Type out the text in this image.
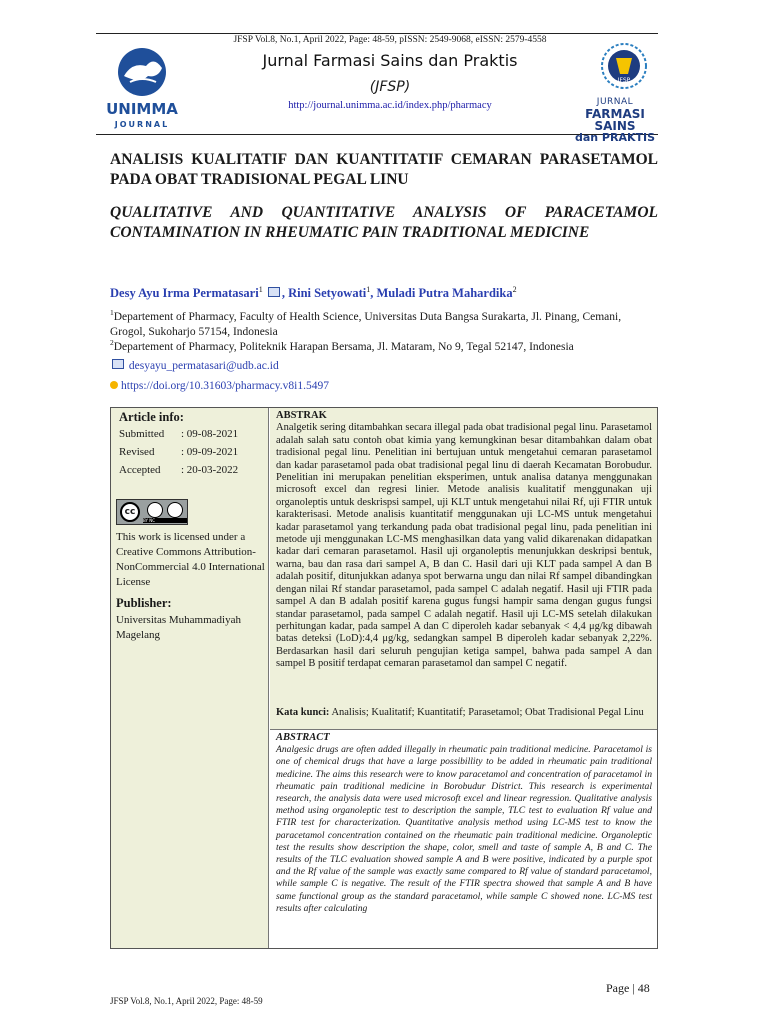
JFSP Vol.8, No.1, April 2022, Page: 48-59, pISSN: 2549-9068, eISSN: 2579-4558
UNIMMA
JOURNAL
Jurnal Farmasi Sains dan Praktis
(JFSP)
http://journal.unimma.ac.id/index.php/pharmacy
JFSP
JURNAL
FARMASI SAINS
dan PRAKTIS
ANALISIS KUALITATIF DAN KUANTITATIF CEMARAN PARASETAMOL PADA OBAT TRADISIONAL PEGAL LINU
QUALITATIVE AND QUANTITATIVE ANALYSIS OF PARACETAMOL CONTAMINATION IN RHEUMATIC PAIN TRADITIONAL MEDICINE
Desy Ayu Irma Permatasari$^1$ , Rini Setyowati$^1$, Muladi Putra Mahardika$^2$
$^1$Departement of Pharmacy, Faculty of Health Science, Universitas Duta Bangsa Surakarta, Jl. Pinang, Cemani, Grogol, Sukoharjo 57154, Indonesia
$^2$Departement of Pharmacy, Politeknik Harapan Bersama, Jl. Mataram, No 9, Tegal 52147, Indonesia
desyayu_permatasari@udb.ac.id
https://doi.org/10.31603/pharmacy.v8i1.5497
Article info:
Submitted	: 09-08-2021
Revised	: 09-09-2021
Accepted	: 20-03-2022
cc
BY NC
This work is licensed under a Creative Commons Attribution-NonCommercial 4.0 International License
Publisher:
Universitas Muhammadiyah Magelang
ABSTRAK
Analgetik sering ditambahkan secara illegal pada obat tradisional pegal linu. Parasetamol adalah salah satu contoh obat kimia yang kemungkinan besar ditambahkan dalam obat tradisional pegal linu. Penelitian ini bertujuan untuk mengetahui cemaran parasetamol dan kadar parasetamol pada obat tradisional pegal linu di daerah Kecamatan Borobudur. Penelitian ini merupakan penelitian eksperimen, untuk analisa datanya menggunakan microsoft excel dan regresi linier. Metode analisis kualitatif menggunakan uji organoleptis untuk deskrispsi sampel, uji KLT untuk mengetahui nilai Rf, uji FTIR untuk karakterisasi. Metode analisis kuantitatif menggunakan uji LC-MS untuk mengetahui kadar parasetamol yang terkandung pada obat tradisional pegal linu, pada penelitian ini metode uji menggunakan LC-MS menghasilkan data yang valid dikarenakan didapatkan kadar dari cemaran parasetamol. Hasil uji organoleptis menunjukkan deskripsi bentuk, warna, bau dan rasa dari sampel A, B dan C. Hasil dari uji KLT pada sampel A dan B adalah positif, ditunjukkan adanya spot berwarna ungu dan nilai Rf sampel dibandingkan dengan nilai Rf standar parasetamol, pada sampel C adalah negatif. Hasil uji FTIR pada sampel A dan B adalah positif karena gugus fungsi hampir sama dengan gugus fungsi standar parasetamol, pada sampel C adalah negatif. Hasil uji LC-MS setelah dilakukan perhitungan kadar, pada sampel A dan C diperoleh kadar sebanyak < 4,4 μg/kg dibawah batas deteksi (LoD):4,4 μg/kg, sedangkan sampel B diperoleh kadar sebanyak 2,22%. Berdasarkan hasil dari seluruh pengujian ketiga sampel, bahwa pada sampel A dan sampel B positif terdapat cemaran parasetamol dan sampel C negatif.
Kata kunci: Analisis; Kualitatif; Kuantitatif; Parasetamol; Obat Tradisional Pegal Linu
ABSTRACT
Analgesic drugs are often added illegally in rheumatic pain traditional medicine. Paracetamol is one of chemical drugs that have a large possibillity to be added in rheumatic pain traditional medicine. The aims this research were to know paracetamol and concentration of paracetamol in rheumatic pain traditional medicine in Borobudur District. This research is experimental research, the analysis data were used microsoft excel and linear regression. Qualitative analysis method using organoleptic test to description the sample, TLC test to evaluation Rf value and FTIR test for characterization. Quantitative analysis method using LC-MS test to know the paracetamol concentration contained on the rheumatic pain traditional medicine. Organoleptic test the results show description the shape, color, smell and taste of sample A, B and C. The results of the TLC evaluation showed sample A and B were positive, indicated by a purple spot and the Rf value of the sample was exactly same compared to Rf value of standard paracetamol, while sample C is negative. The result of the FTIR spectra showed that sample A and B have same functional group as the standard paracetamol, while sample C showed none. LC-MS test results after calculating
Page | 48
JFSP Vol.8, No.1, April 2022, Page: 48-59
